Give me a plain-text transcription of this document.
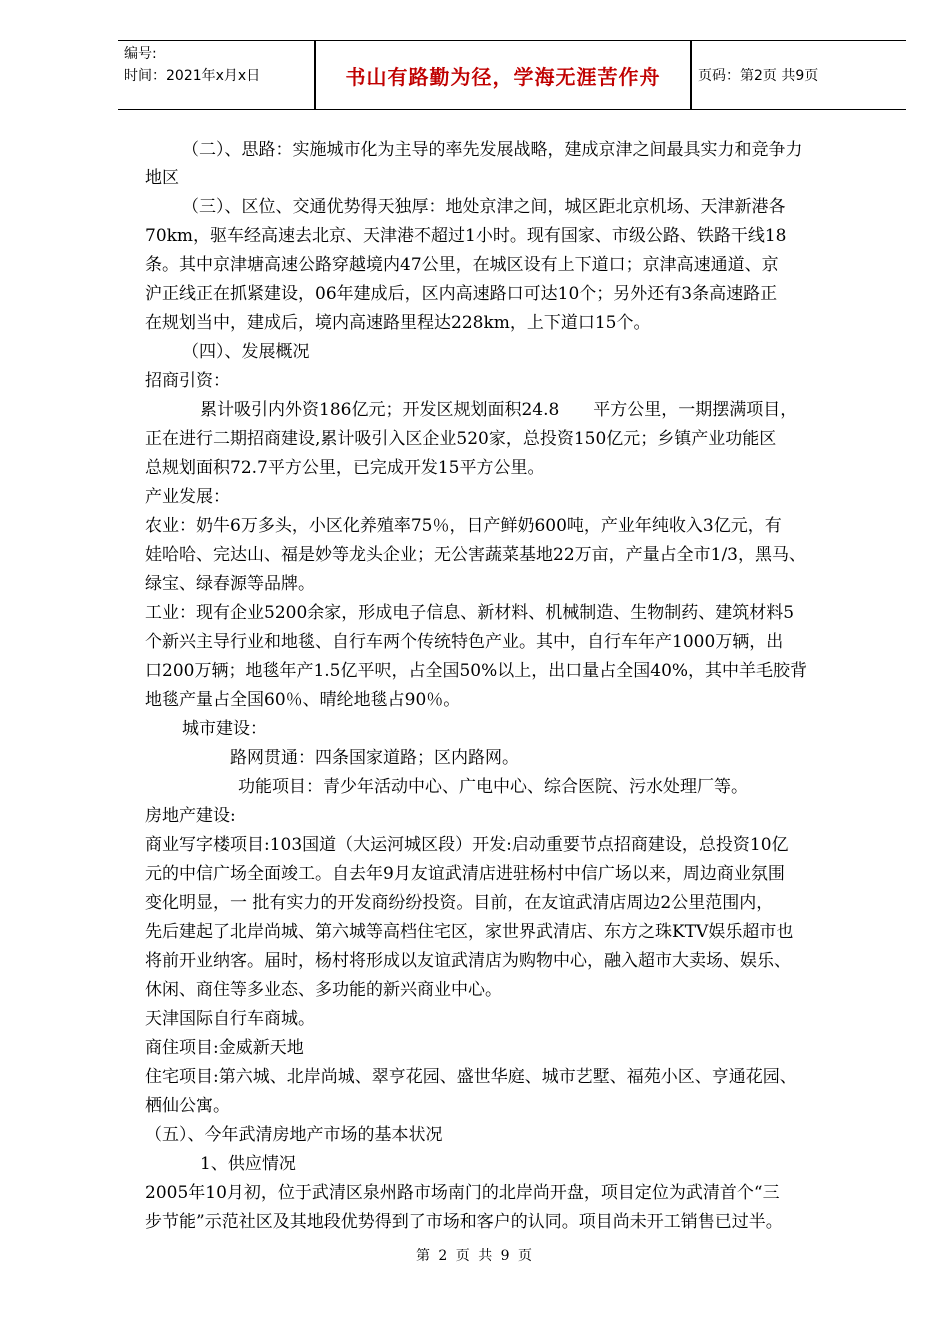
编号:
时间：2021年x月x日	书山有路勤为径，学海无涯苦作舟	页码：第2页 共9页
（二）、思路：实施城市化为主导的率先发展战略，建成京津之间最具实力和竞争力
地区
（三）、区位、交通优势得天独厚：地处京津之间，城区距北京机场、天津新港各
70km，驱车经高速去北京、天津港不超过1小时。现有国家、市级公路、铁路干线18
条。其中京津塘高速公路穿越境内47公里，在城区设有上下道口；京津高速通道、京
沪正线正在抓紧建设，06年建成后，区内高速路口可达10个；另外还有3条高速路正
在规划当中，建成后，境内高速路里程达228km，上下道口15个。
（四）、发展概况
招商引资：
累计吸引内外资186亿元；开发区规划面积24.8　　平方公里，一期摆满项目，
正在进行二期招商建设,累计吸引入区企业520家，总投资150亿元；乡镇产业功能区
总规划面积72.7平方公里，已完成开发15平方公里。
产业发展：
农业：奶牛6万多头，小区化养殖率75％，日产鲜奶600吨，产业年纯收入3亿元，有
娃哈哈、完达山、福是妙等龙头企业；无公害蔬菜基地22万亩，产量占全市1/3，黑马、
绿宝、绿春源等品牌。
工业：现有企业5200余家，形成电子信息、新材料、机械制造、生物制药、建筑材料5
个新兴主导行业和地毯、自行车两个传统特色产业。其中，自行车年产1000万辆，出
口200万辆；地毯年产1.5亿平呎，占全国50%以上，出口量占全国40%，其中羊毛胶背
地毯产量占全国60％、晴纶地毯占90％。
城市建设：
路网贯通：四条国家道路；区内路网。
功能项目：青少年活动中心、广电中心、综合医院、污水处理厂等。
房地产建设:
商业写字楼项目:103国道（大运河城区段）开发:启动重要节点招商建设，总投资10亿
元的中信广场全面竣工。自去年9月友谊武清店进驻杨村中信广场以来，周边商业氛围
变化明显，一 批有实力的开发商纷纷投资。目前，在友谊武清店周边2公里范围内，
先后建起了北岸尚城、第六城等高档住宅区，家世界武清店、东方之珠KTV娱乐超市也
将前开业纳客。届时，杨村将形成以友谊武清店为购物中心，融入超市大卖场、娱乐、
休闲、商住等多业态、多功能的新兴商业中心。
天津国际自行车商城。
商住项目:金威新天地
住宅项目:第六城、北岸尚城、翠亨花园、盛世华庭、城市艺墅、福苑小区、亨通花园、
栖仙公寓。
（五）、今年武清房地产市场的基本状况
1、供应情况
2005年10月初，位于武清区泉州路市场南门的北岸尚开盘，项目定位为武清首个“三
步节能”示范社区及其地段优势得到了市场和客户的认同。项目尚未开工销售已过半。
第 2 页 共 9 页
